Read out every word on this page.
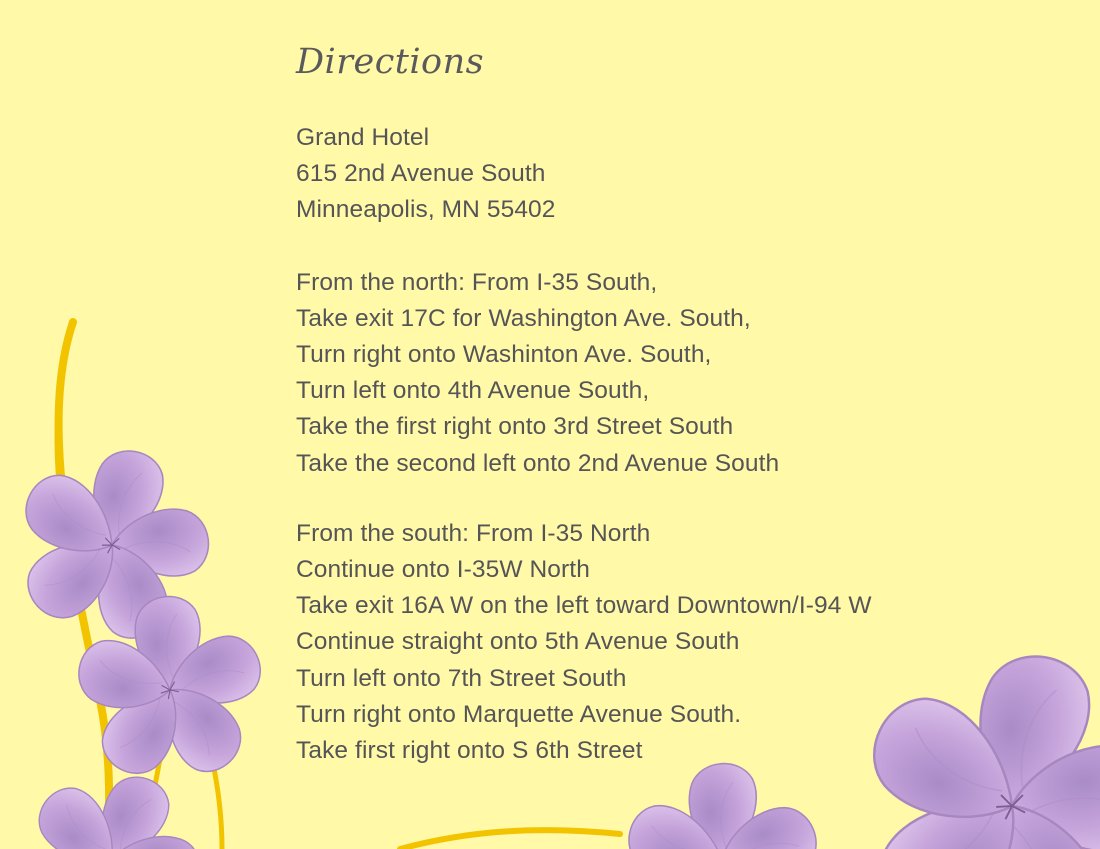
Directions
Grand Hotel
615 2nd Avenue South
Minneapolis, MN 55402
From the north: From I-35 South,
Take exit 17C for Washington Ave. South,
Turn right onto Washinton Ave. South,
Turn left onto 4th Avenue South,
Take the first right onto 3rd Street South
Take the second left onto 2nd Avenue South
From the south: From I-35 North
Continue onto I-35W North
Take exit 16A W on the left toward Downtown/I-94 W
Continue straight onto 5th Avenue South
Turn left onto 7th Street South
Turn right onto Marquette Avenue South.
Take first right onto S 6th Street
